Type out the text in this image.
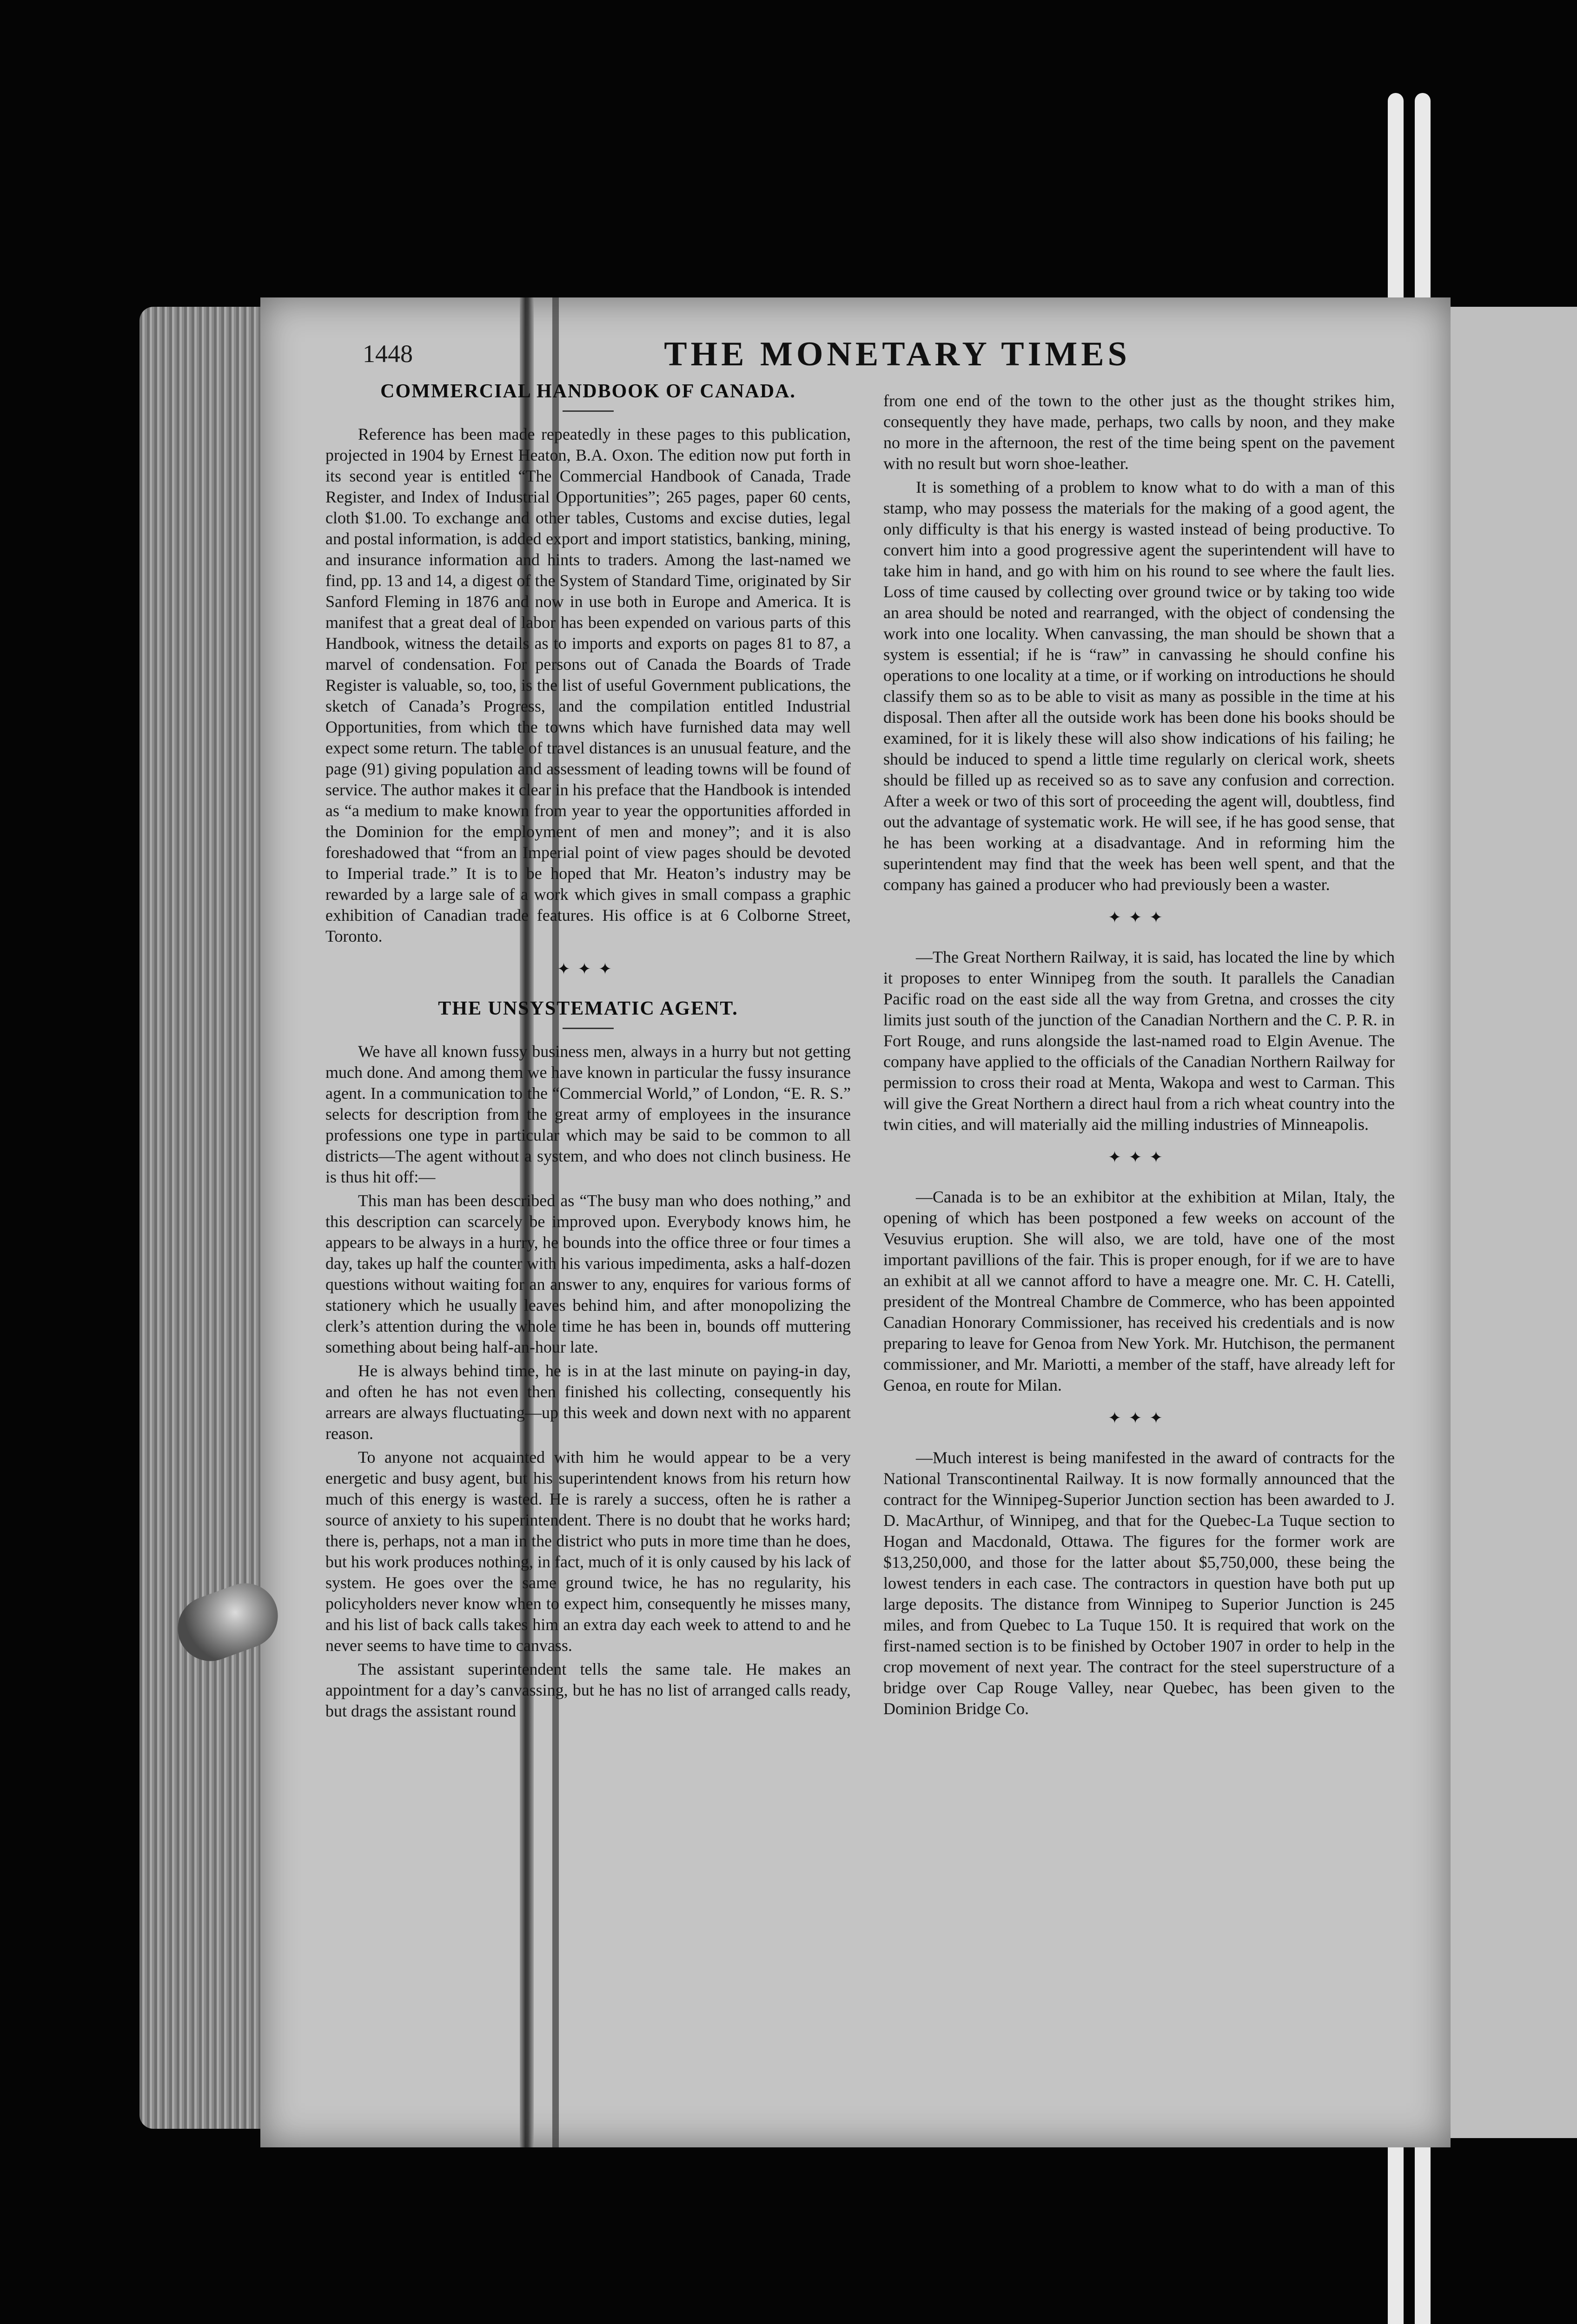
1448	THE MONETARY TIMES
COMMERCIAL HANDBOOK OF CANADA.

Reference has been made repeatedly in these pages to this publication, projected in 1904 by Ernest Heaton, B.A. Oxon. The edition now put forth in its second year is entitled “The Commercial Handbook of Canada, Trade Register, and Index of Industrial Opportunities”; 265 pages, paper 60 cents, cloth $1.00. To exchange and other tables, Customs and excise duties, legal and postal information, is added export and import statistics, banking, mining, and insurance information and hints to traders. Among the last-named we find, pp. 13 and 14, a digest of the System of Standard Time, originated by Sir Sanford Fleming in 1876 and now in use both in Europe and America. It is manifest that a great deal of labor has been expended on various parts of this Handbook, witness the details as to imports and exports on pages 81 to 87, a marvel of condensation. For persons out of Canada the Boards of Trade Register is valuable, so, too, is the list of useful Government publications, the sketch of Canada’s Progress, and the compilation entitled Industrial Opportunities, from which the towns which have furnished data may well expect some return. The table of travel distances is an unusual feature, and the page (91) giving population and assessment of leading towns will be found of service. The author makes it clear in his preface that the Handbook is intended as “a medium to make known from year to year the opportunities afforded in the Dominion for the employment of men and money”; and it is also foreshadowed that “from an Imperial point of view pages should be devoted to Imperial trade.” It is to be hoped that Mr. Heaton’s industry may be rewarded by a large sale of a work which gives in small compass a graphic exhibition of Canadian trade features. His office is at 6 Colborne Street, Toronto.

✦✦✦
THE UNSYSTEMATIC AGENT.

We have all known fussy business men, always in a hurry but not getting much done. And among them we have known in particular the fussy insurance agent. In a communication to the “Commercial World,” of London, “E. R. S.” selects for description from the great army of employees in the insurance professions one type in particular which may be said to be common to all districts—The agent without a system, and who does not clinch business. He is thus hit off:—

This man has been described as “The busy man who does nothing,” and this description can scarcely be improved upon. Everybody knows him, he appears to be always in a hurry, he bounds into the office three or four times a day, takes up half the counter with his various impedimenta, asks a half-dozen questions without waiting for an answer to any, enquires for various forms of stationery which he usually leaves behind him, and after monopolizing the clerk’s attention during the whole time he has been in, bounds off muttering something about being half-an-hour late.

He is always behind time, he is in at the last minute on paying-in day, and often he has not even then finished his collecting, consequently his arrears are always fluctuating—up this week and down next with no apparent reason.

To anyone not acquainted with him he would appear to be a very energetic and busy agent, but his superintendent knows from his return how much of this energy is wasted. He is rarely a success, often he is rather a source of anxiety to his superintendent. There is no doubt that he works hard; there is, perhaps, not a man in the district who puts in more time than he does, but his work produces nothing, in fact, much of it is only caused by his lack of system. He goes over the same ground twice, he has no regularity, his policyholders never know when to expect him, consequently he misses many, and his list of back calls takes him an extra day each week to attend to and he never seems to have time to canvass.

The assistant superintendent tells the same tale. He makes an appointment for a day’s canvassing, but he has no list of arranged calls ready, but drags the assistant round

from one end of the town to the other just as the thought strikes him, consequently they have made, perhaps, two calls by noon, and they make no more in the afternoon, the rest of the time being spent on the pavement with no result but worn shoe-leather.

It is something of a problem to know what to do with a man of this stamp, who may possess the materials for the making of a good agent, the only difficulty is that his energy is wasted instead of being productive. To convert him into a good progressive agent the superintendent will have to take him in hand, and go with him on his round to see where the fault lies. Loss of time caused by collecting over ground twice or by taking too wide an area should be noted and rearranged, with the object of condensing the work into one locality. When canvassing, the man should be shown that a system is essential; if he is “raw” in canvassing he should confine his operations to one locality at a time, or if working on introductions he should classify them so as to be able to visit as many as possible in the time at his disposal. Then after all the outside work has been done his books should be examined, for it is likely these will also show indications of his failing; he should be induced to spend a little time regularly on clerical work, sheets should be filled up as received so as to save any confusion and correction. After a week or two of this sort of proceeding the agent will, doubtless, find out the advantage of systematic work. He will see, if he has good sense, that he has been working at a disadvantage. And in reforming him the superintendent may find that the week has been well spent, and that the company has gained a producer who had previously been a waster.

✦✦✦

—The Great Northern Railway, it is said, has located the line by which it proposes to enter Winnipeg from the south. It parallels the Canadian Pacific road on the east side all the way from Gretna, and crosses the city limits just south of the junction of the Canadian Northern and the C. P. R. in Fort Rouge, and runs alongside the last-named road to Elgin Avenue. The company have applied to the officials of the Canadian Northern Railway for permission to cross their road at Menta, Wakopa and west to Carman. This will give the Great Northern a direct haul from a rich wheat country into the twin cities, and will materially aid the milling industries of Minneapolis.

✦✦✦

—Canada is to be an exhibitor at the exhibition at Milan, Italy, the opening of which has been postponed a few weeks on account of the Vesuvius eruption. She will also, we are told, have one of the most important pavillions of the fair. This is proper enough, for if we are to have an exhibit at all we cannot afford to have a meagre one. Mr. C. H. Catelli, president of the Montreal Chambre de Commerce, who has been appointed Canadian Honorary Commissioner, has received his credentials and is now preparing to leave for Genoa from New York. Mr. Hutchison, the permanent commissioner, and Mr. Mariotti, a member of the staff, have already left for Genoa, en route for Milan.

✦✦✦

—Much interest is being manifested in the award of contracts for the National Transcontinental Railway. It is now formally announced that the contract for the Winnipeg-Superior Junction section has been awarded to J. D. MacArthur, of Winnipeg, and that for the Quebec-La Tuque section to Hogan and Macdonald, Ottawa. The figures for the former work are $13,250,000, and those for the latter about $5,750,000, these being the lowest tenders in each case. The contractors in question have both put up large deposits. The distance from Winnipeg to Superior Junction is 245 miles, and from Quebec to La Tuque 150. It is required that work on the first-named section is to be finished by October 1907 in order to help in the crop movement of next year. The contract for the steel superstructure of a bridge over Cap Rouge Valley, near Quebec, has been given to the Dominion Bridge Co.
